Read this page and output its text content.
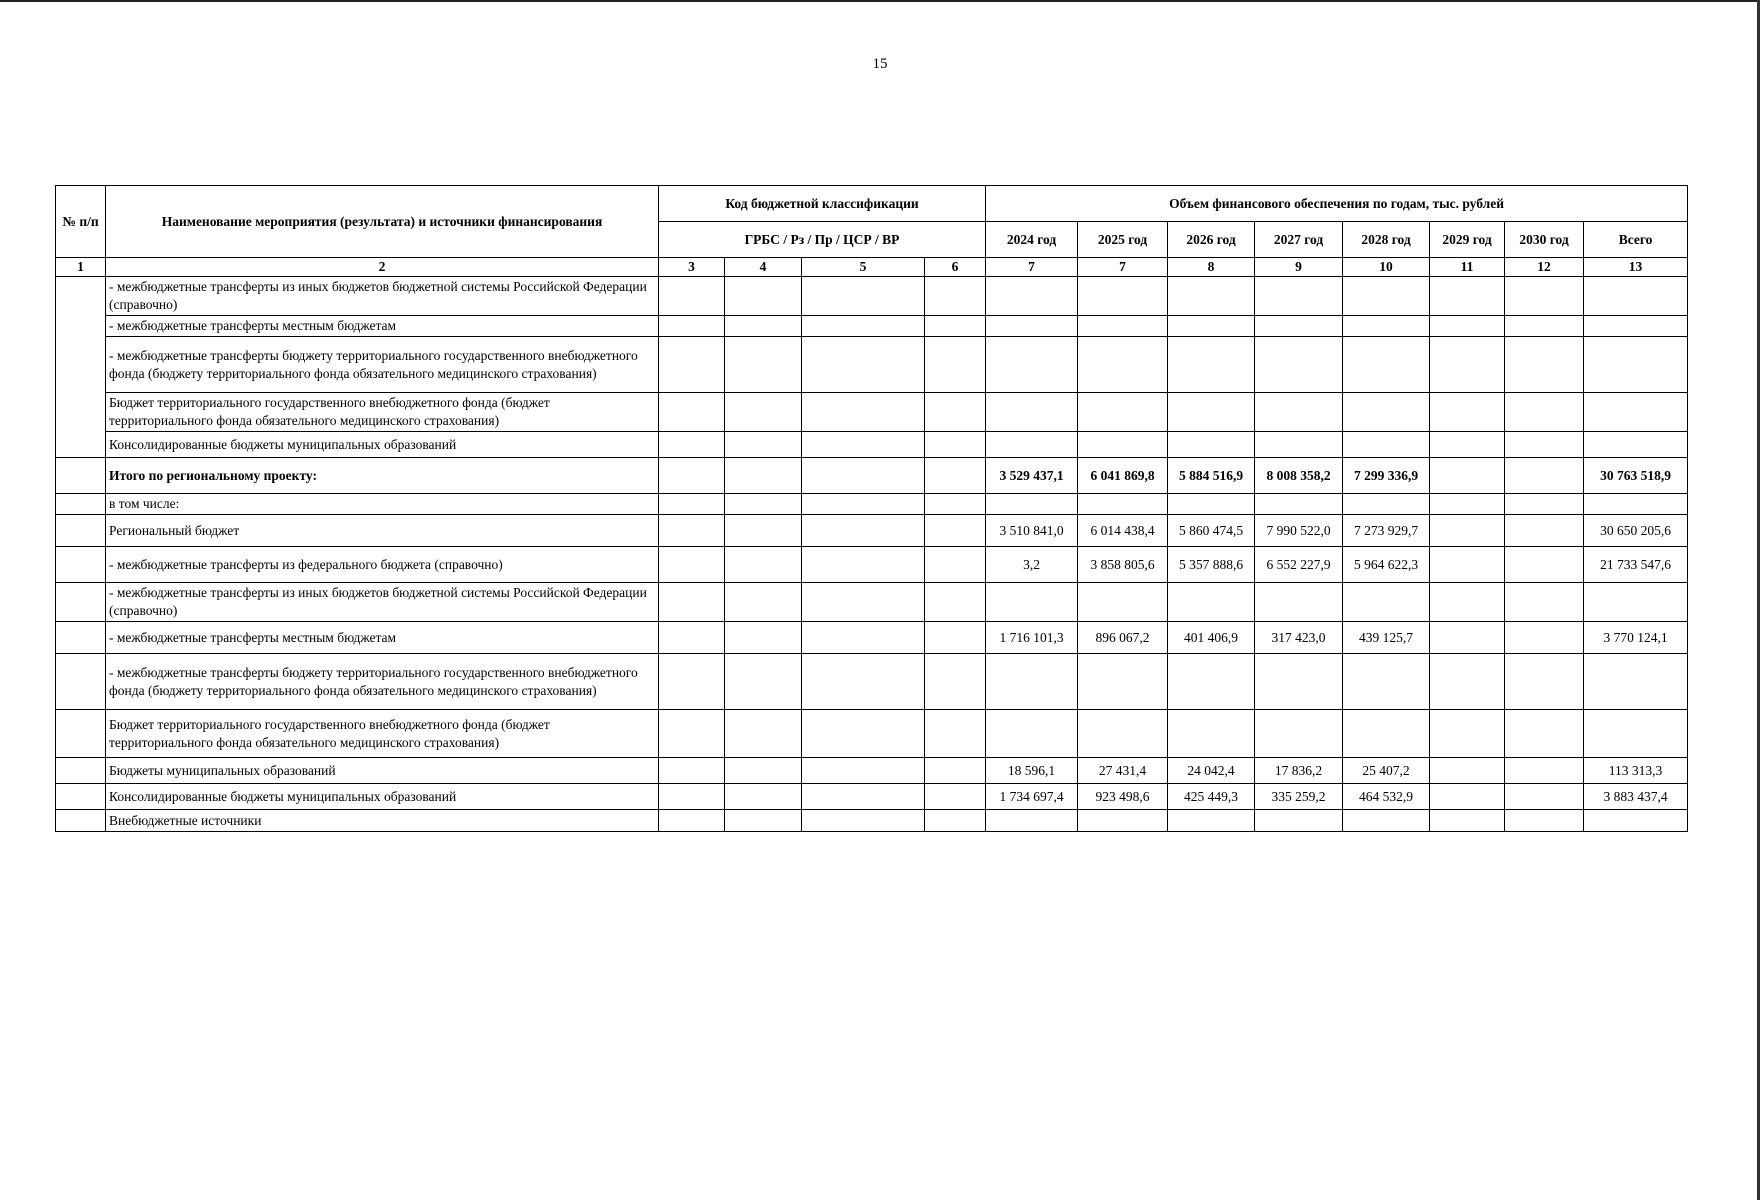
15
№ п/п	Наименование мероприятия (результата) и источники финансирования	Код бюджетной классификации				Объем финансового обеспечения по годам, тыс. рублей							
		ГРБС / Рз / Пр / ЦСР / ВР				2024 год	2025 год	2026 год	2027 год	2028 год	2029 год	2030 год	Всего
1	2	3	4	5	6	7	7	8	9	10	11	12	13
	- межбюджетные трансферты из иных бюджетов бюджетной системы Российской Федерации (справочно)												
	- межбюджетные трансферты местным бюджетам												
	- межбюджетные трансферты бюджету территориального государственного внебюджетного фонда (бюджету территориального фонда обязательного медицинского страхования)												
	Бюджет территориального государственного внебюджетного фонда (бюджет территориального фонда обязательного медицинского страхования)												
	Консолидированные бюджеты муниципальных образований												
	Итого по региональному проекту:					3 529 437,1	6 041 869,8	5 884 516,9	8 008 358,2	7 299 336,9			30 763 518,9
	в том числе:												
	Региональный бюджет					3 510 841,0	6 014 438,4	5 860 474,5	7 990 522,0	7 273 929,7			30 650 205,6
	- межбюджетные трансферты из федерального бюджета (справочно)					3,2	3 858 805,6	5 357 888,6	6 552 227,9	5 964 622,3			21 733 547,6
	- межбюджетные трансферты из иных бюджетов бюджетной системы Российской Федерации (справочно)												
	- межбюджетные трансферты местным бюджетам					1 716 101,3	896 067,2	401 406,9	317 423,0	439 125,7			3 770 124,1
	- межбюджетные трансферты бюджету территориального государственного внебюджетного фонда (бюджету территориального фонда обязательного медицинского страхования)												
	Бюджет территориального государственного внебюджетного фонда (бюджет территориального фонда обязательного медицинского страхования)												
	Бюджеты муниципальных образований					18 596,1	27 431,4	24 042,4	17 836,2	25 407,2			113 313,3
	Консолидированные бюджеты муниципальных образований					1 734 697,4	923 498,6	425 449,3	335 259,2	464 532,9			3 883 437,4
	Внебюджетные источники												
